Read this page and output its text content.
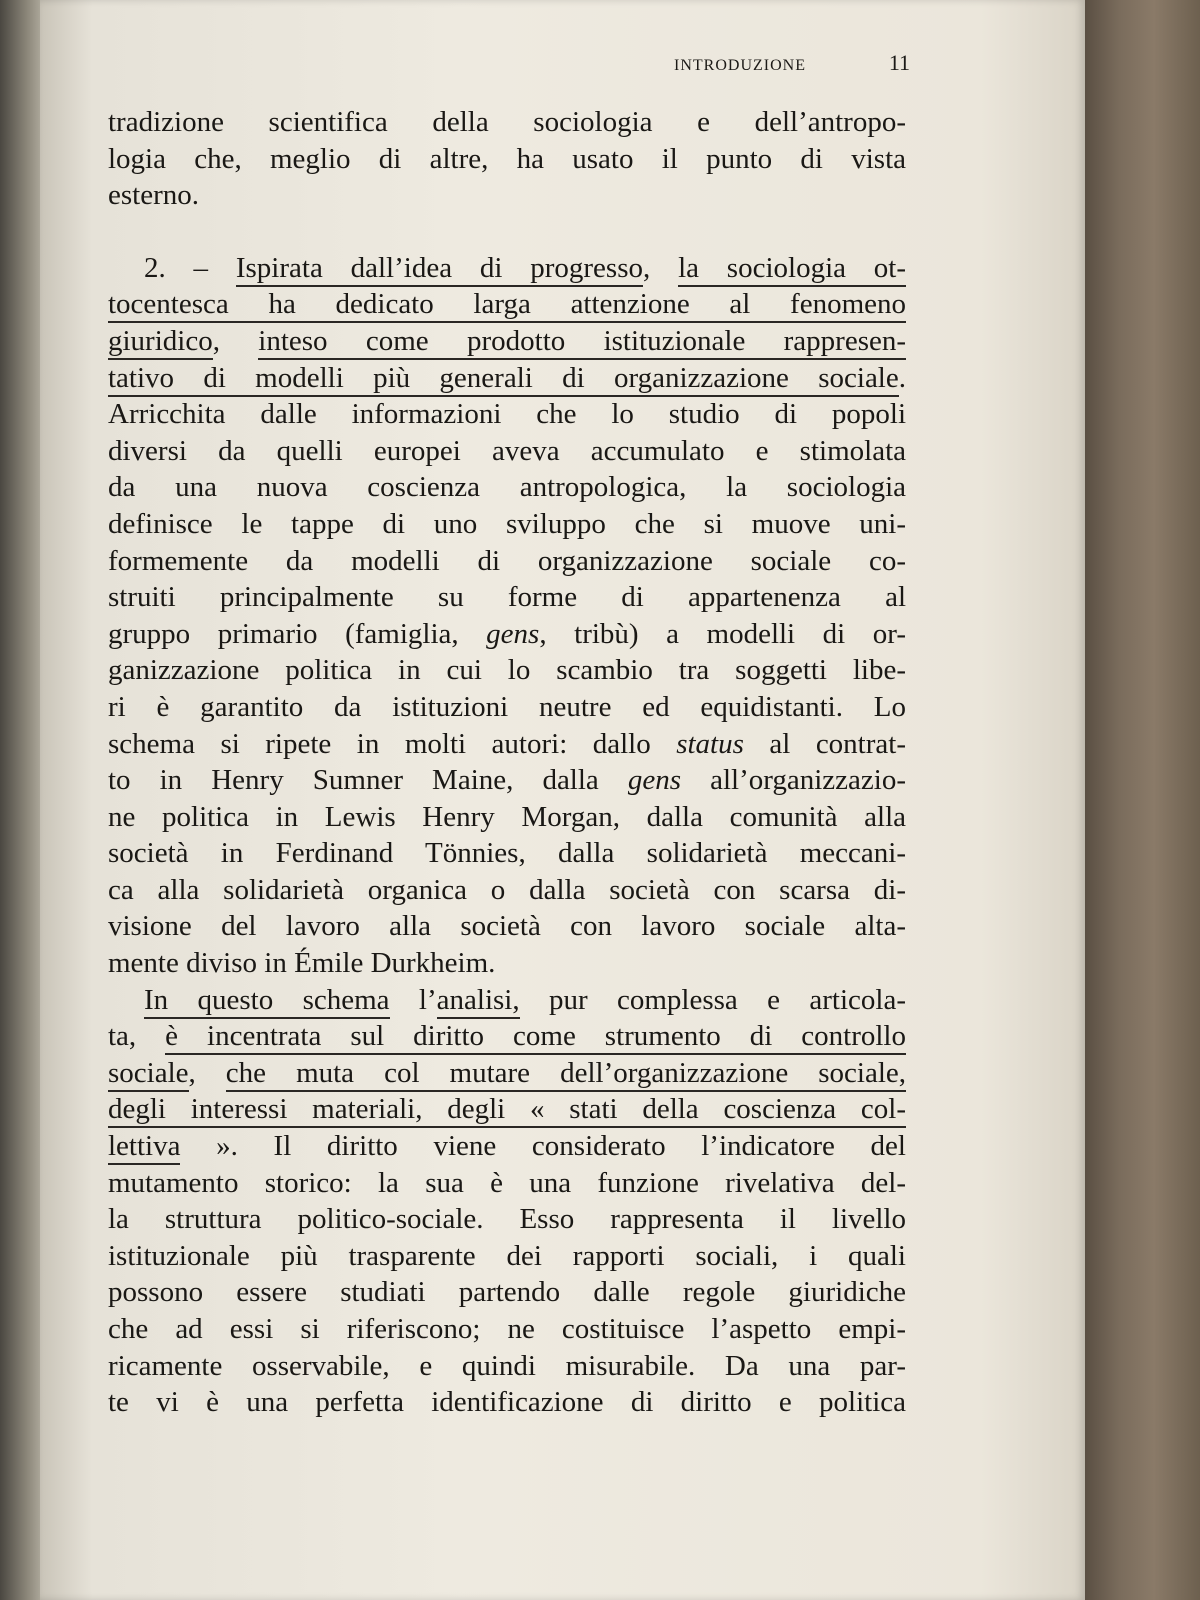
INTRODUZIONE	11
tradizione scientifica della sociologia e dell’antropo-
logia che, meglio di altre, ha usato il punto di vista
esterno.
2. – Ispirata dall’idea di progresso, la sociologia ot-
tocentesca ha dedicato larga attenzione al fenomeno
giuridico, inteso come prodotto istituzionale rappresen-
tativo di modelli più generali di organizzazione sociale.
Arricchita dalle informazioni che lo studio di popoli
diversi da quelli europei aveva accumulato e stimolata
da una nuova coscienza antropologica, la sociologia
definisce le tappe di uno sviluppo che si muove uni-
formemente da modelli di organizzazione sociale co-
struiti principalmente su forme di appartenenza al
gruppo primario (famiglia, gens, tribù) a modelli di or-
ganizzazione politica in cui lo scambio tra soggetti libe-
ri è garantito da istituzioni neutre ed equidistanti. Lo
schema si ripete in molti autori: dallo status al contrat-
to in Henry Sumner Maine, dalla gens all’organizzazio-
ne politica in Lewis Henry Morgan, dalla comunità alla
società in Ferdinand Tönnies, dalla solidarietà meccani-
ca alla solidarietà organica o dalla società con scarsa di-
visione del lavoro alla società con lavoro sociale alta-
mente diviso in Émile Durkheim.
In questo schema l’analisi, pur complessa e articola-
ta, è incentrata sul diritto come strumento di controllo
sociale, che muta col mutare dell’organizzazione sociale,
degli interessi materiali, degli « stati della coscienza col-
lettiva ». Il diritto viene considerato l’indicatore del
mutamento storico: la sua è una funzione rivelativa del-
la struttura politico-sociale. Esso rappresenta il livello
istituzionale più trasparente dei rapporti sociali, i quali
possono essere studiati partendo dalle regole giuridiche
che ad essi si riferiscono; ne costituisce l’aspetto empi-
ricamente osservabile, e quindi misurabile. Da una par-
te vi è una perfetta identificazione di diritto e politica
